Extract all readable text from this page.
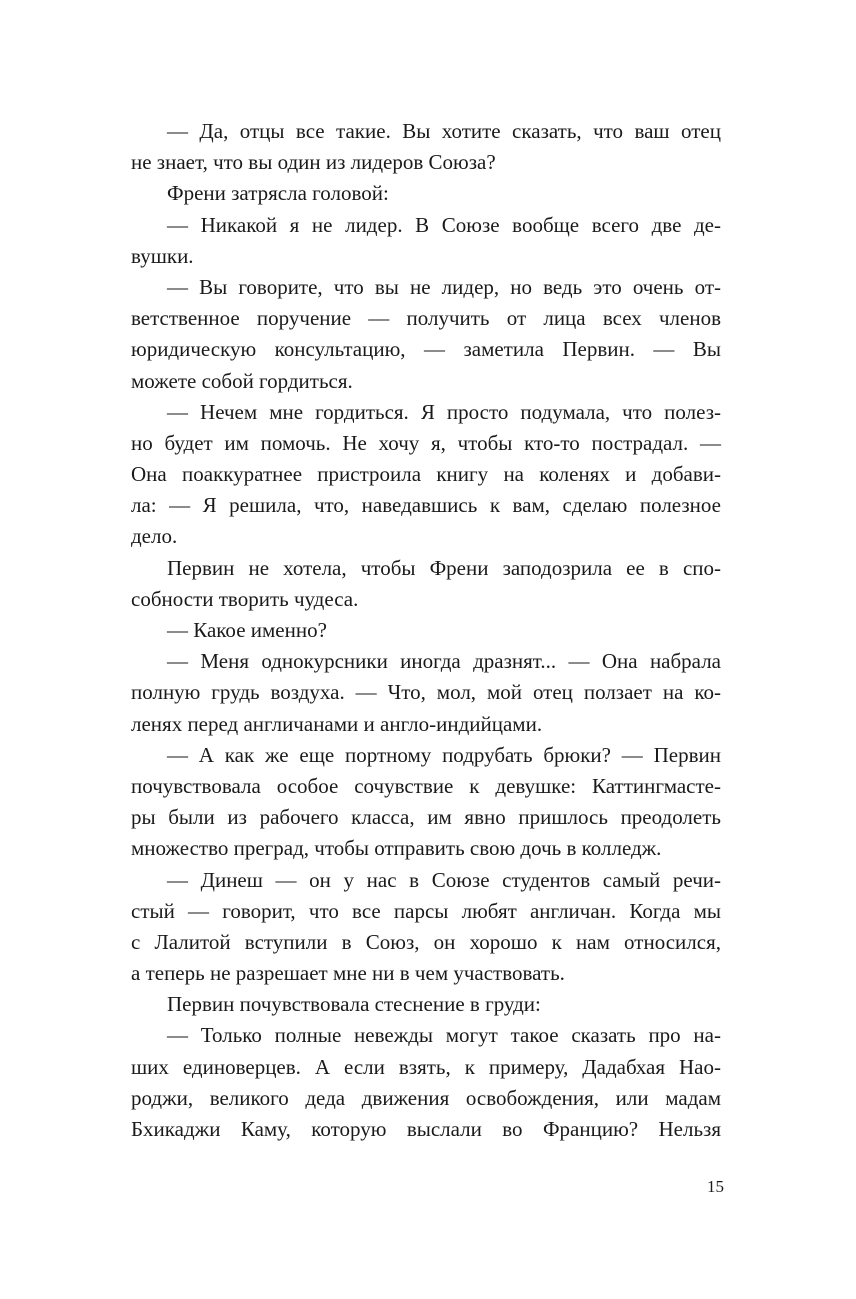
— Да, отцы все такие. Вы хотите сказать, что ваш отец
не знает, что вы один из лидеров Союза?
Френи затрясла головой:
— Никакой я не лидер. В Союзе вообще всего две де-
вушки.
— Вы говорите, что вы не лидер, но ведь это очень от-
ветственное поручение — получить от лица всех членов
юридическую консультацию, — заметила Первин. — Вы
можете собой гордиться.
— Нечем мне гордиться. Я просто подумала, что полез-
но будет им помочь. Не хочу я, чтобы кто-то пострадал. —
Она поаккуратнее пристроила книгу на коленях и добави-
ла: — Я решила, что, наведавшись к вам, сделаю полезное
дело.
Первин не хотела, чтобы Френи заподозрила ее в спо-
собности творить чудеса.
— Какое именно?
— Меня однокурсники иногда дразнят... — Она набрала
полную грудь воздуха. — Что, мол, мой отец ползает на ко-
ленях перед англичанами и англо-индийцами.
— А как же еще портному подрубать брюки? — Первин
почувствовала особое сочувствие к девушке: Каттингмасте-
ры были из рабочего класса, им явно пришлось преодолеть
множество преград, чтобы отправить свою дочь в колледж.
— Динеш — он у нас в Союзе студентов самый речи-
стый — говорит, что все парсы любят англичан. Когда мы
с Лалитой вступили в Союз, он хорошо к нам относился,
а теперь не разрешает мне ни в чем участвовать.
Первин почувствовала стеснение в груди:
— Только полные невежды могут такое сказать про на-
ших единоверцев. А если взять, к примеру, Дадабхая Нао-
роджи, великого деда движения освобождения, или мадам
Бхикаджи Каму, которую выслали во Францию? Нельзя
15
